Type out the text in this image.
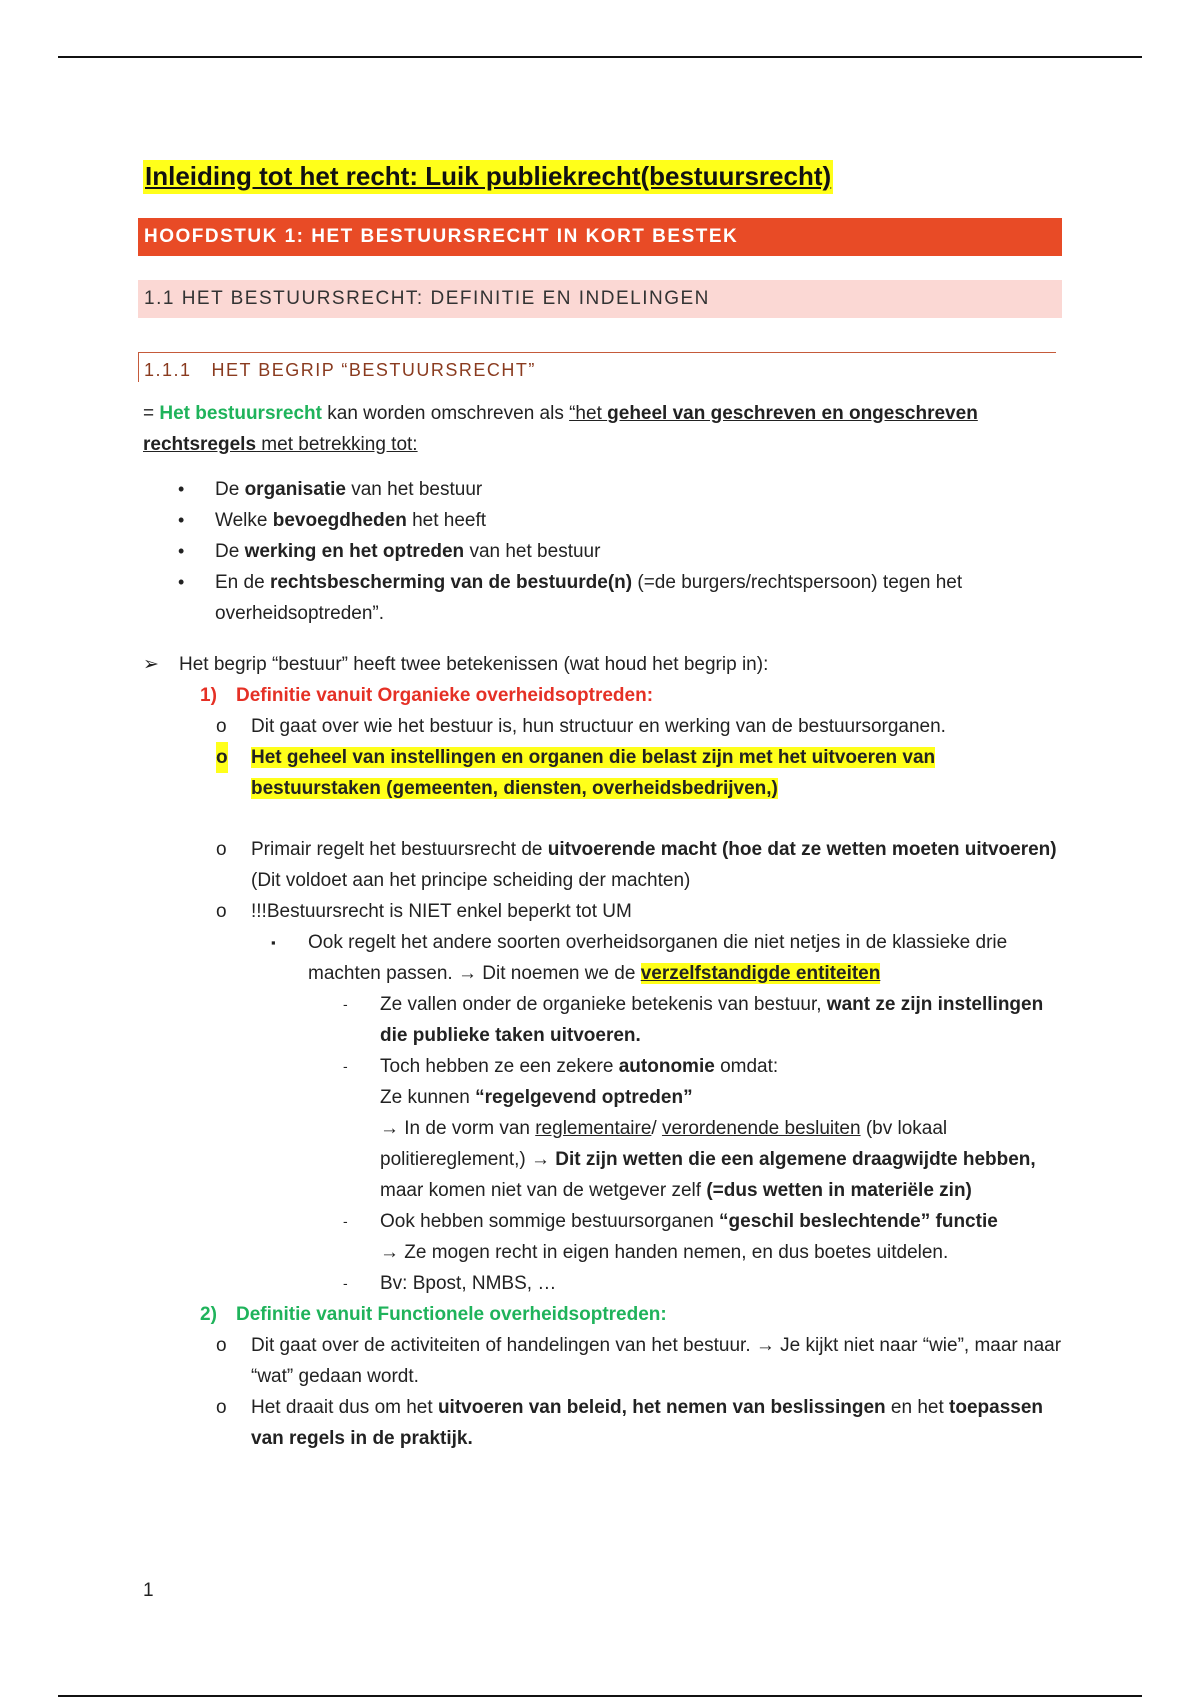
Inleiding tot het recht: Luik publiekrecht(bestuursrecht)
HOOFDSTUK 1: HET BESTUURSRECHT IN KORT BESTEK
1.1 HET BESTUURSRECHT: DEFINITIE EN INDELINGEN
1.1.1 HET BEGRIP “BESTUURSRECHT”

= Het bestuursrecht kan worden omschreven als “het geheel van geschreven en ongeschreven rechtsregels met betrekking tot:

• De organisatie van het bestuur
• Welke bevoegdheden het heeft
• De werking en het optreden van het bestuur
• En de rechtsbescherming van de bestuurde(n) (=de burgers/rechtspersoon) tegen het overheidsoptreden”.
➢ Het begrip “bestuur” heeft twee betekenissen (wat houd het begrip in):
1) Definitie vanuit Organieke overheidsoptreden:
o Dit gaat over wie het bestuur is, hun structuur en werking van de bestuursorganen.
o Het geheel van instellingen en organen die belast zijn met het uitvoeren van bestuurstaken (gemeenten, diensten, overheidsbedrijven,)
o Primair regelt het bestuursrecht de uitvoerende macht (hoe dat ze wetten moeten uitvoeren) (Dit voldoet aan het principe scheiding der machten)
o !!!Bestuursrecht is NIET enkel beperkt tot UM
▪ Ook regelt het andere soorten overheidsorganen die niet netjes in de klassieke drie machten passen. → Dit noemen we de verzelfstandigde entiteiten
- Ze vallen onder de organieke betekenis van bestuur, want ze zijn instellingen die publieke taken uitvoeren.
- Toch hebben ze een zekere autonomie omdat:
Ze kunnen “regelgevend optreden”
→ In de vorm van reglementaire/ verordenende besluiten (bv lokaal politiereglement,) → Dit zijn wetten die een algemene draagwijdte hebben, maar komen niet van de wetgever zelf (=dus wetten in materiële zin)
- Ook hebben sommige bestuursorganen “geschil beslechtende” functie
→ Ze mogen recht in eigen handen nemen, en dus boetes uitdelen.
- Bv: Bpost, NMBS, …
2) Definitie vanuit Functionele overheidsoptreden:
o Dit gaat over de activiteiten of handelingen van het bestuur. → Je kijkt niet naar “wie”, maar naar “wat” gedaan wordt.
o Het draait dus om het uitvoeren van beleid, het nemen van beslissingen en het toepassen van regels in de praktijk.
1
